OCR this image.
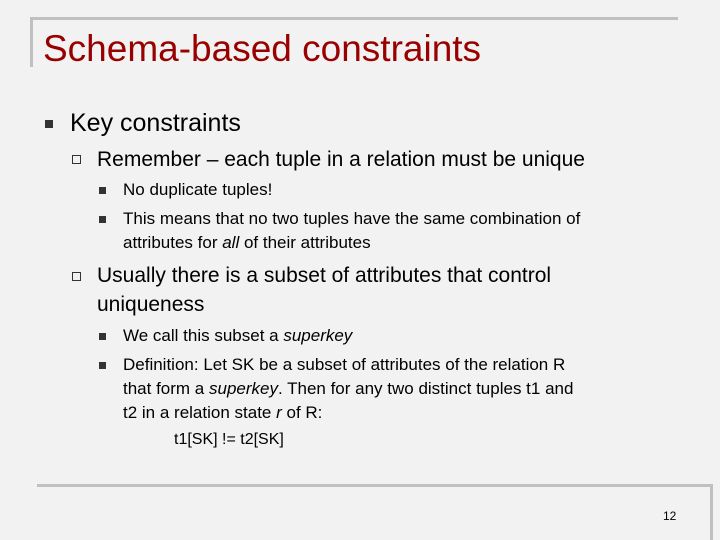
Schema-based constraints
Key constraints
Remember – each tuple in a relation must be unique
No duplicate tuples!
This means that no two tuples have the same combination of
attributes for all of their attributes
Usually there is a subset of attributes that control
uniqueness
We call this subset a superkey
Definition: Let SK be a subset of attributes of the relation R
that form a superkey. Then for any two distinct tuples t1 and
t2 in a relation state r of R:
t1[SK] != t2[SK]
12
